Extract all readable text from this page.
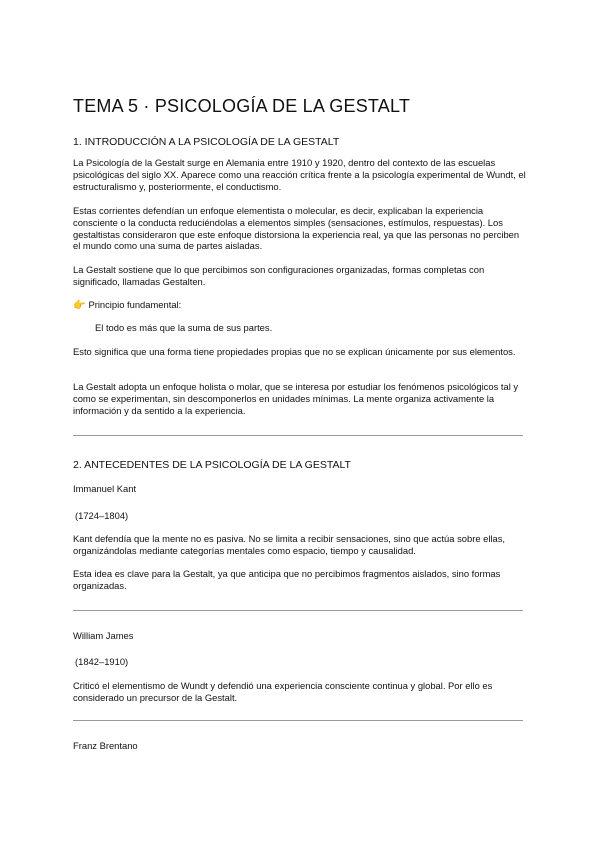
TEMA 5 · PSICOLOGÍA DE LA GESTALT
1. INTRODUCCIÓN A LA PSICOLOGÍA DE LA GESTALT

La Psicología de la Gestalt surge en Alemania entre 1910 y 1920, dentro del contexto de las escuelas psicológicas del siglo XX. Aparece como una reacción crítica frente a la psicología experimental de Wundt, el estructuralismo y, posteriormente, el conductismo.

Estas corrientes defendían un enfoque elementista o molecular, es decir, explicaban la experiencia consciente o la conducta reduciéndolas a elementos simples (sensaciones, estímulos, respuestas). Los gestaltistas consideraron que este enfoque distorsiona la experiencia real, ya que las personas no perciben el mundo como una suma de partes aisladas.

La Gestalt sostiene que lo que percibimos son configuraciones organizadas, formas completas con significado, llamadas Gestalten.

👉 Principio fundamental:

El todo es más que la suma de sus partes.

Esto significa que una forma tiene propiedades propias que no se explican únicamente por sus elementos.

La Gestalt adopta un enfoque holista o molar, que se interesa por estudiar los fenómenos psicológicos tal y como se experimentan, sin descomponerlos en unidades mínimas. La mente organiza activamente la información y da sentido a la experiencia.

2. ANTECEDENTES DE LA PSICOLOGÍA DE LA GESTALT

Immanuel Kant

(1724–1804)

Kant defendía que la mente no es pasiva. No se limita a recibir sensaciones, sino que actúa sobre ellas, organizándolas mediante categorías mentales como espacio, tiempo y causalidad.

Esta idea es clave para la Gestalt, ya que anticipa que no percibimos fragmentos aislados, sino formas organizadas.

William James

(1842–1910)

Criticó el elementismo de Wundt y defendió una experiencia consciente continua y global. Por ello es considerado un precursor de la Gestalt.

Franz Brentano
